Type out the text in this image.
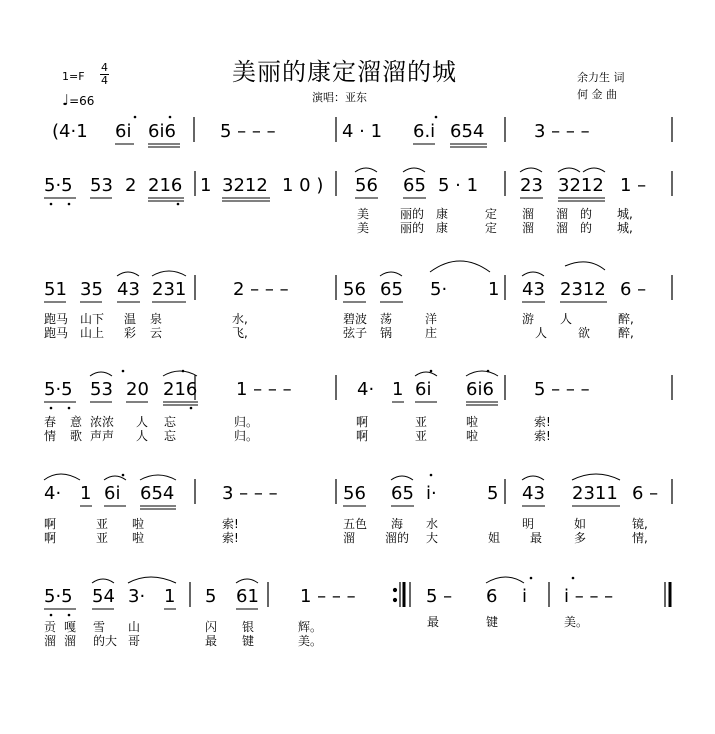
美丽的康定溜溜的城
1=F
4
4
♩=66	演唱：亚东
余力生 词
何 金 曲
(4·1 6i 6i6 5 – – –	4 · 1 6.i 654	3 – – –
5·5 53 2 216 1 3212 1 0 ) 56 65 5 · 1 23 3212 1 –
美	丽的 康	定 溜 溜 的 城,
美	丽的 康	定 溜 溜 的 城,
51 35 43 231	2 – – –	56 65 5· 1 43 2312 6 –
跑马 山下 温 泉	水,	碧波 荡	洋	游 人	醉,
跑马 山上 彩 云	飞,	弦子 锅	庄	人	欲 醉,
5·5 53 20 216 1 – – –	4· 1 6i 6i6 5 – – –
春 意 浓浓 人 忘	归。	啊	亚	啦	索!
情 歌 声声 人 忘	归。	啊	亚	啦	索!
4· 1 6i 654	3 – – –	56 65 i·	5 43 2311 6 –
啊	亚 啦	索!	五色 海 水	明	如	镜,
啊	亚 啦	索!	溜 溜的 大	姐 最	多	情,
5·5 54 3· 1 5 61 1 – – –	5 – 6 i i – – –
贡 嘎 雪 山	闪 银	辉。	最	键	美。
溜 溜 的大 哥	最 键	美。
